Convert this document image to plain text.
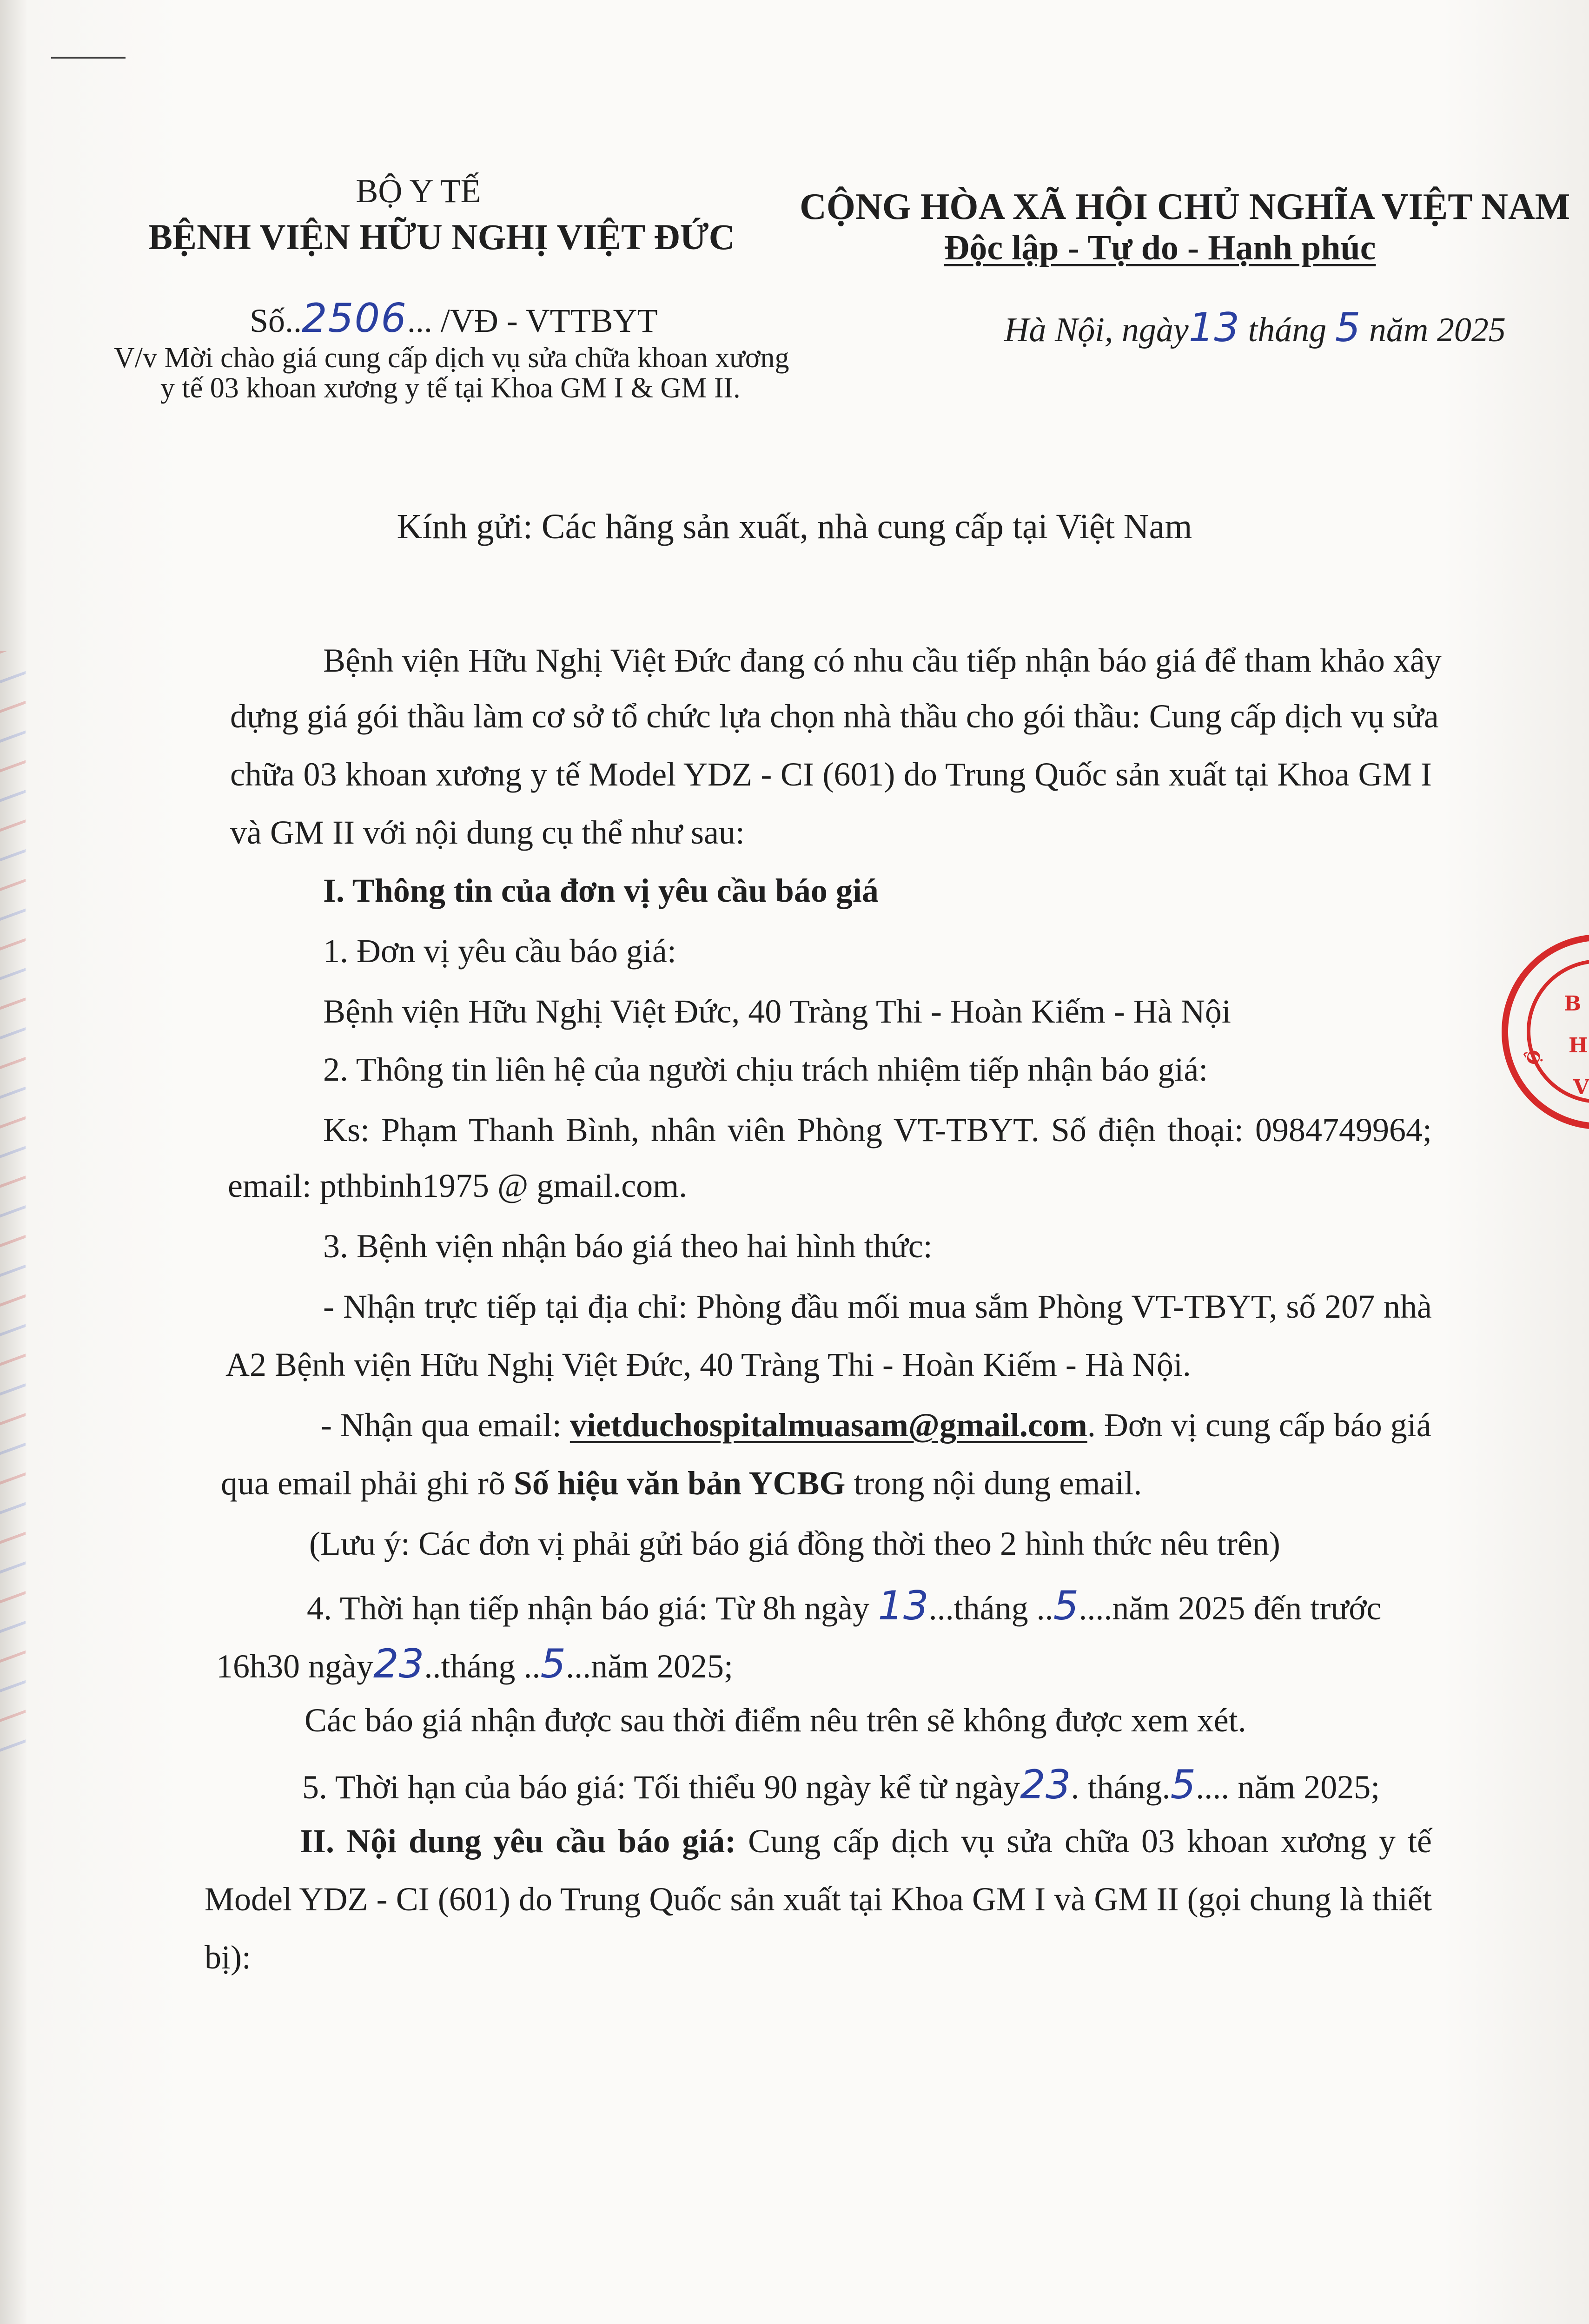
BỘ Y TẾ
BỆNH VIỆN HỮU NGHỊ VIỆT ĐỨC
Số..2506... /VĐ - VTTBYT
V/v Mời chào giá cung cấp dịch vụ sửa chữa khoan xương
y tế 03 khoan xương y tế tại Khoa GM I & GM II.
CỘNG HÒA XÃ HỘI CHỦ NGHĨA VIỆT NAM
Độc lập - Tự do - Hạnh phúc
Hà Nội, ngày13 tháng 5 năm 2025
Kính gửi: Các hãng sản xuất, nhà cung cấp tại Việt Nam
Bệnh viện Hữu Nghị Việt Đức đang có nhu cầu tiếp nhận báo giá để tham khảo xây
dựng giá gói thầu làm cơ sở tổ chức lựa chọn nhà thầu cho gói thầu: Cung cấp dịch vụ sửa
chữa 03 khoan xương y tế Model YDZ - CI (601) do Trung Quốc sản xuất tại Khoa GM I
và GM II với nội dung cụ thể như sau:
I. Thông tin của đơn vị yêu cầu báo giá
1. Đơn vị yêu cầu báo giá:
Bệnh viện Hữu Nghị Việt Đức, 40 Tràng Thi - Hoàn Kiếm - Hà Nội
2. Thông tin liên hệ của người chịu trách nhiệm tiếp nhận báo giá:
Ks: Phạm Thanh Bình, nhân viên Phòng VT-TBYT. Số điện thoại: 0984749964;
email: pthbinh1975 @ gmail.com.
3. Bệnh viện nhận báo giá theo hai hình thức:
- Nhận trực tiếp tại địa chỉ: Phòng đầu mối mua sắm Phòng VT-TBYT, số 207 nhà
A2 Bệnh viện Hữu Nghị Việt Đức, 40 Tràng Thi - Hoàn Kiếm - Hà Nội.
- Nhận qua email: vietduchospitalmuasam@gmail.com. Đơn vị cung cấp báo giá
qua email phải ghi rõ Số hiệu văn bản YCBG trong nội dung email.
(Lưu ý: Các đơn vị phải gửi báo giá đồng thời theo 2 hình thức nêu trên)
4. Thời hạn tiếp nhận báo giá: Từ 8h ngày 13...tháng ..5....năm 2025 đến trước
16h30 ngày23..tháng ..5...năm 2025;
Các báo giá nhận được sau thời điểm nêu trên sẽ không được xem xét.
5. Thời hạn của báo giá: Tối thiểu 90 ngày kể từ ngày23. tháng.5.... năm 2025;
II. Nội dung yêu cầu báo giá: Cung cấp dịch vụ sửa chữa 03 khoan xương y tế
Model YDZ - CI (601) do Trung Quốc sản xuất tại Khoa GM I và GM II (gọi chung là thiết
bị):
B
H
V
Ộ
